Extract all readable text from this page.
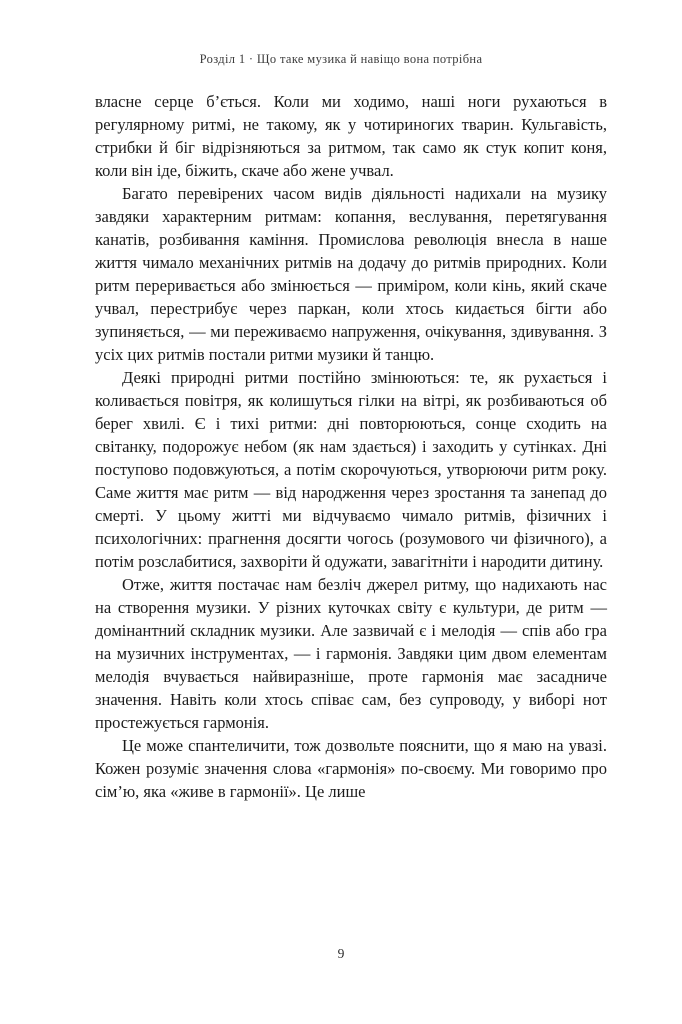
Розділ 1 · Що таке музика й навіщо вона потрібна

власне серце б’ється. Коли ми ходимо, наші ноги рухаються в регулярному ритмі, не такому, як у чотириногих тварин. Кульгавість, стрибки й біг відрізняються за ритмом, так само як стук копит коня, коли він іде, біжить, скаче або жене учвал.

Багато перевірених часом видів діяльності надихали на музику завдяки характерним ритмам: копання, веслування, перетягування канатів, розбивання каміння. Промислова революція внесла в наше життя чимало механічних ритмів на додачу до ритмів природних. Коли ритм переривається або змінюється — приміром, коли кінь, який скаче учвал, перестрибує через паркан, коли хтось кидається бігти або зупиняється, — ми переживаємо напруження, очікування, здивування. З усіх цих ритмів постали ритми музики й танцю.

Деякі природні ритми постійно змінюються: те, як рухається і коливається повітря, як колишуться гілки на вітрі, як розбиваються об берег хвилі. Є і тихі ритми: дні повторюються, сонце сходить на світанку, подорожує небом (як нам здається) і заходить у сутінках. Дні поступово подовжуються, а потім скорочуються, утворюючи ритм року. Саме життя має ритм — від народження через зростання та занепад до смерті. У цьому житті ми відчуваємо чимало ритмів, фізичних і психологічних: прагнення досягти чогось (розумового чи фізичного), а потім розслабитися, захворіти й одужати, завагітніти і народити дитину.

Отже, життя постачає нам безліч джерел ритму, що надихають нас на створення музики. У різних куточках світу є культури, де ритм — домінантний складник музики. Але зазвичай є і мелодія — спів або гра на музичних інструментах, — і гармонія. Завдяки цим двом елементам мелодія вчувається найвиразніше, проте гармонія має засадниче значення. Навіть коли хтось співає сам, без супроводу, у виборі нот простежується гармонія.

Це може спантеличити, тож дозвольте пояснити, що я маю на увазі. Кожен розуміє значення слова «гармонія» по-своєму. Ми говоримо про сім’ю, яка «живе в гармонії». Це лише

9
